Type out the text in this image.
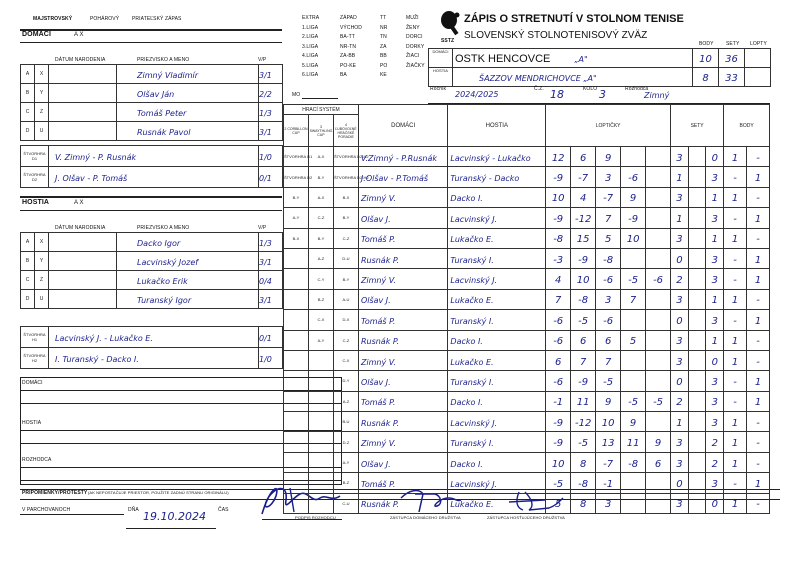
MAJSTROVSKÝ	POHÁROVÝ	PRIATEĽSKÝ ZÁPAS
DOMÁCI	A X
DÁTUM NARODENIA	PRIEZVISKO A MENO	V/P
A	X		Zimný Vladimír	3/1
B	Y		Olšav Ján	2/2
C	Z		Tomáš Peter	1/3
D	U		Rusnák Pavol	3/1
ŠTVORHRA
D1	V. Zimný - P. Rusnák	1/0
ŠTVORHRA
D2	J. Olšav - P. Tomáš	0/1
HOSTIA	A X
DÁTUM NARODENIA	PRIEZVISKO A MENO	V/P
A	X		Dacko Igor	1/3
B	Y		Lacvinský Jozef	3/1
C	Z		Lukačko Erik	0/4
D	U		Turanský Igor	3/1
ŠTVORHRA
H1	Lacvinský J. - Lukačko E.	0/1
ŠTVORHRA
H2	I. Turanský - Dacko I.	1/0
DOMÁCI
HOSTIA
ROZHODCA
PRIPOMIENKY/PROTESTY (AK NEPOSTAČUJE PRIESTOR, POUŽITE ZADNÚ STRANU ORIGINÁLU)
V PARCHOVANOCH	DŇA 19.10.2024 ČAS
PODPIS ROZHODCU	ZÁSTUPCA DOMÁCEHO DRUŽSTVA	ZÁSTUPCA HOSŤUJÚCEHO DRUŽSTVA
EXTRA
1.LIGA
2.LIGA
3.LIGA
4.LIGA
5.LIGA
6.LIGA
ZÁPAD
VÝCHOD
BA-TT
NR-TN
ZA-BB
PO-KE
BA
TT
NR
TN
ZA
BB
PO
KE
MUŽI
ŽENY
DORCI
DORKY
ŽIACI
ŽIAČKY
MO
SSTZ
ZÁPIS O STRETNUTÍ V STOLNOM TENISE
SLOVENSKÝ STOLNOTENISOVÝ ZVÄZ
BODY SETY LOPTY
DOMÁCI	OSTK HENCOVCE „A"	10	36	
HOSTIA	ŠAZZOV MENDRICHOVCE „A"	8	33	
Ročník
2024/2025
Č.Z. 18	KOLO 3	Rozhodca
Zimný
HRACÍ SYSTÉM			DOMÁCI	HOSTIA	LOPTIČKY					SETY			BODY	
2 CORBILLON CUP	3 SWAYTHLING CUP	4 ĽUBOVOĽNÉ HRÁČSKÉ PORADIE												
ŠTVORHRA D1	A-X	ŠTVORHRA D2-H2	V.Zimný - P.Rusnák	Lacvinský - Lukačko	12	6	9			3		0	1	-
ŠTVORHRA D2	B-Y	ŠTVORHRA D2-H2	J.Olšav - P.Tomáš	Turanský - Dacko	-9	-7	3	-6		1		3	-	1
B-Y	A-X	B-X	Zimný V.	Dacko I.	10	4	-7	9		3		1	1	-
A-Y	C-Z	B-Y	Olšav J.	Lacvinský J.	-9	-12	7	-9		1		3	-	1
B-X	B-Y	C-Z	Tomáš P.	Lukačko E.	-8	15	5	10		3		1	1	-
	A-Z	D-U	Rusnák P.	Turanský I.	-3	-9	-8			0		3	-	1
	C-Y	B-Y	Zimný V.	Lacvinský J.	4	10	-6	-5	-6	2		3	-	1
	B-Z	A-U	Olšav J.	Lukačko E.	7	-8	3	7		3		1	1	-
	C-X	D-X	Tomáš P.	Turanský I.	-6	-5	-6			0		3	-	1
	A-Y	C-Z	Rusnák P.	Dacko I.	-6	6	6	5		3		1	1	-
		C-X	Zimný V.	Lukačko E.	6	7	7			3		0	1	-
		D-Y	Olšav J.	Turanský I.	-6	-9	-5			0		3	-	1
		A-Z	Tomáš P.	Dacko I.	-1	11	9	-5	-5	2		3	-	1
		B-U	Rusnák P.	Lacvinský J.	-9	-12	10	9		1		3	1	-
		D-Z	Zimný V.	Turanský I.	-9	-5	13	11	9	3		2	1	-
		A-Y	Olšav J.	Dacko I.	10	8	-7	-8	6	3		2	1	-
		B-Z	Tomáš P.	Lacvinský J.	-5	-8	-1			0		3	-	1
		C-U	Rusnák P.	Lukačko E.	5	8	3			3		0	1	-
